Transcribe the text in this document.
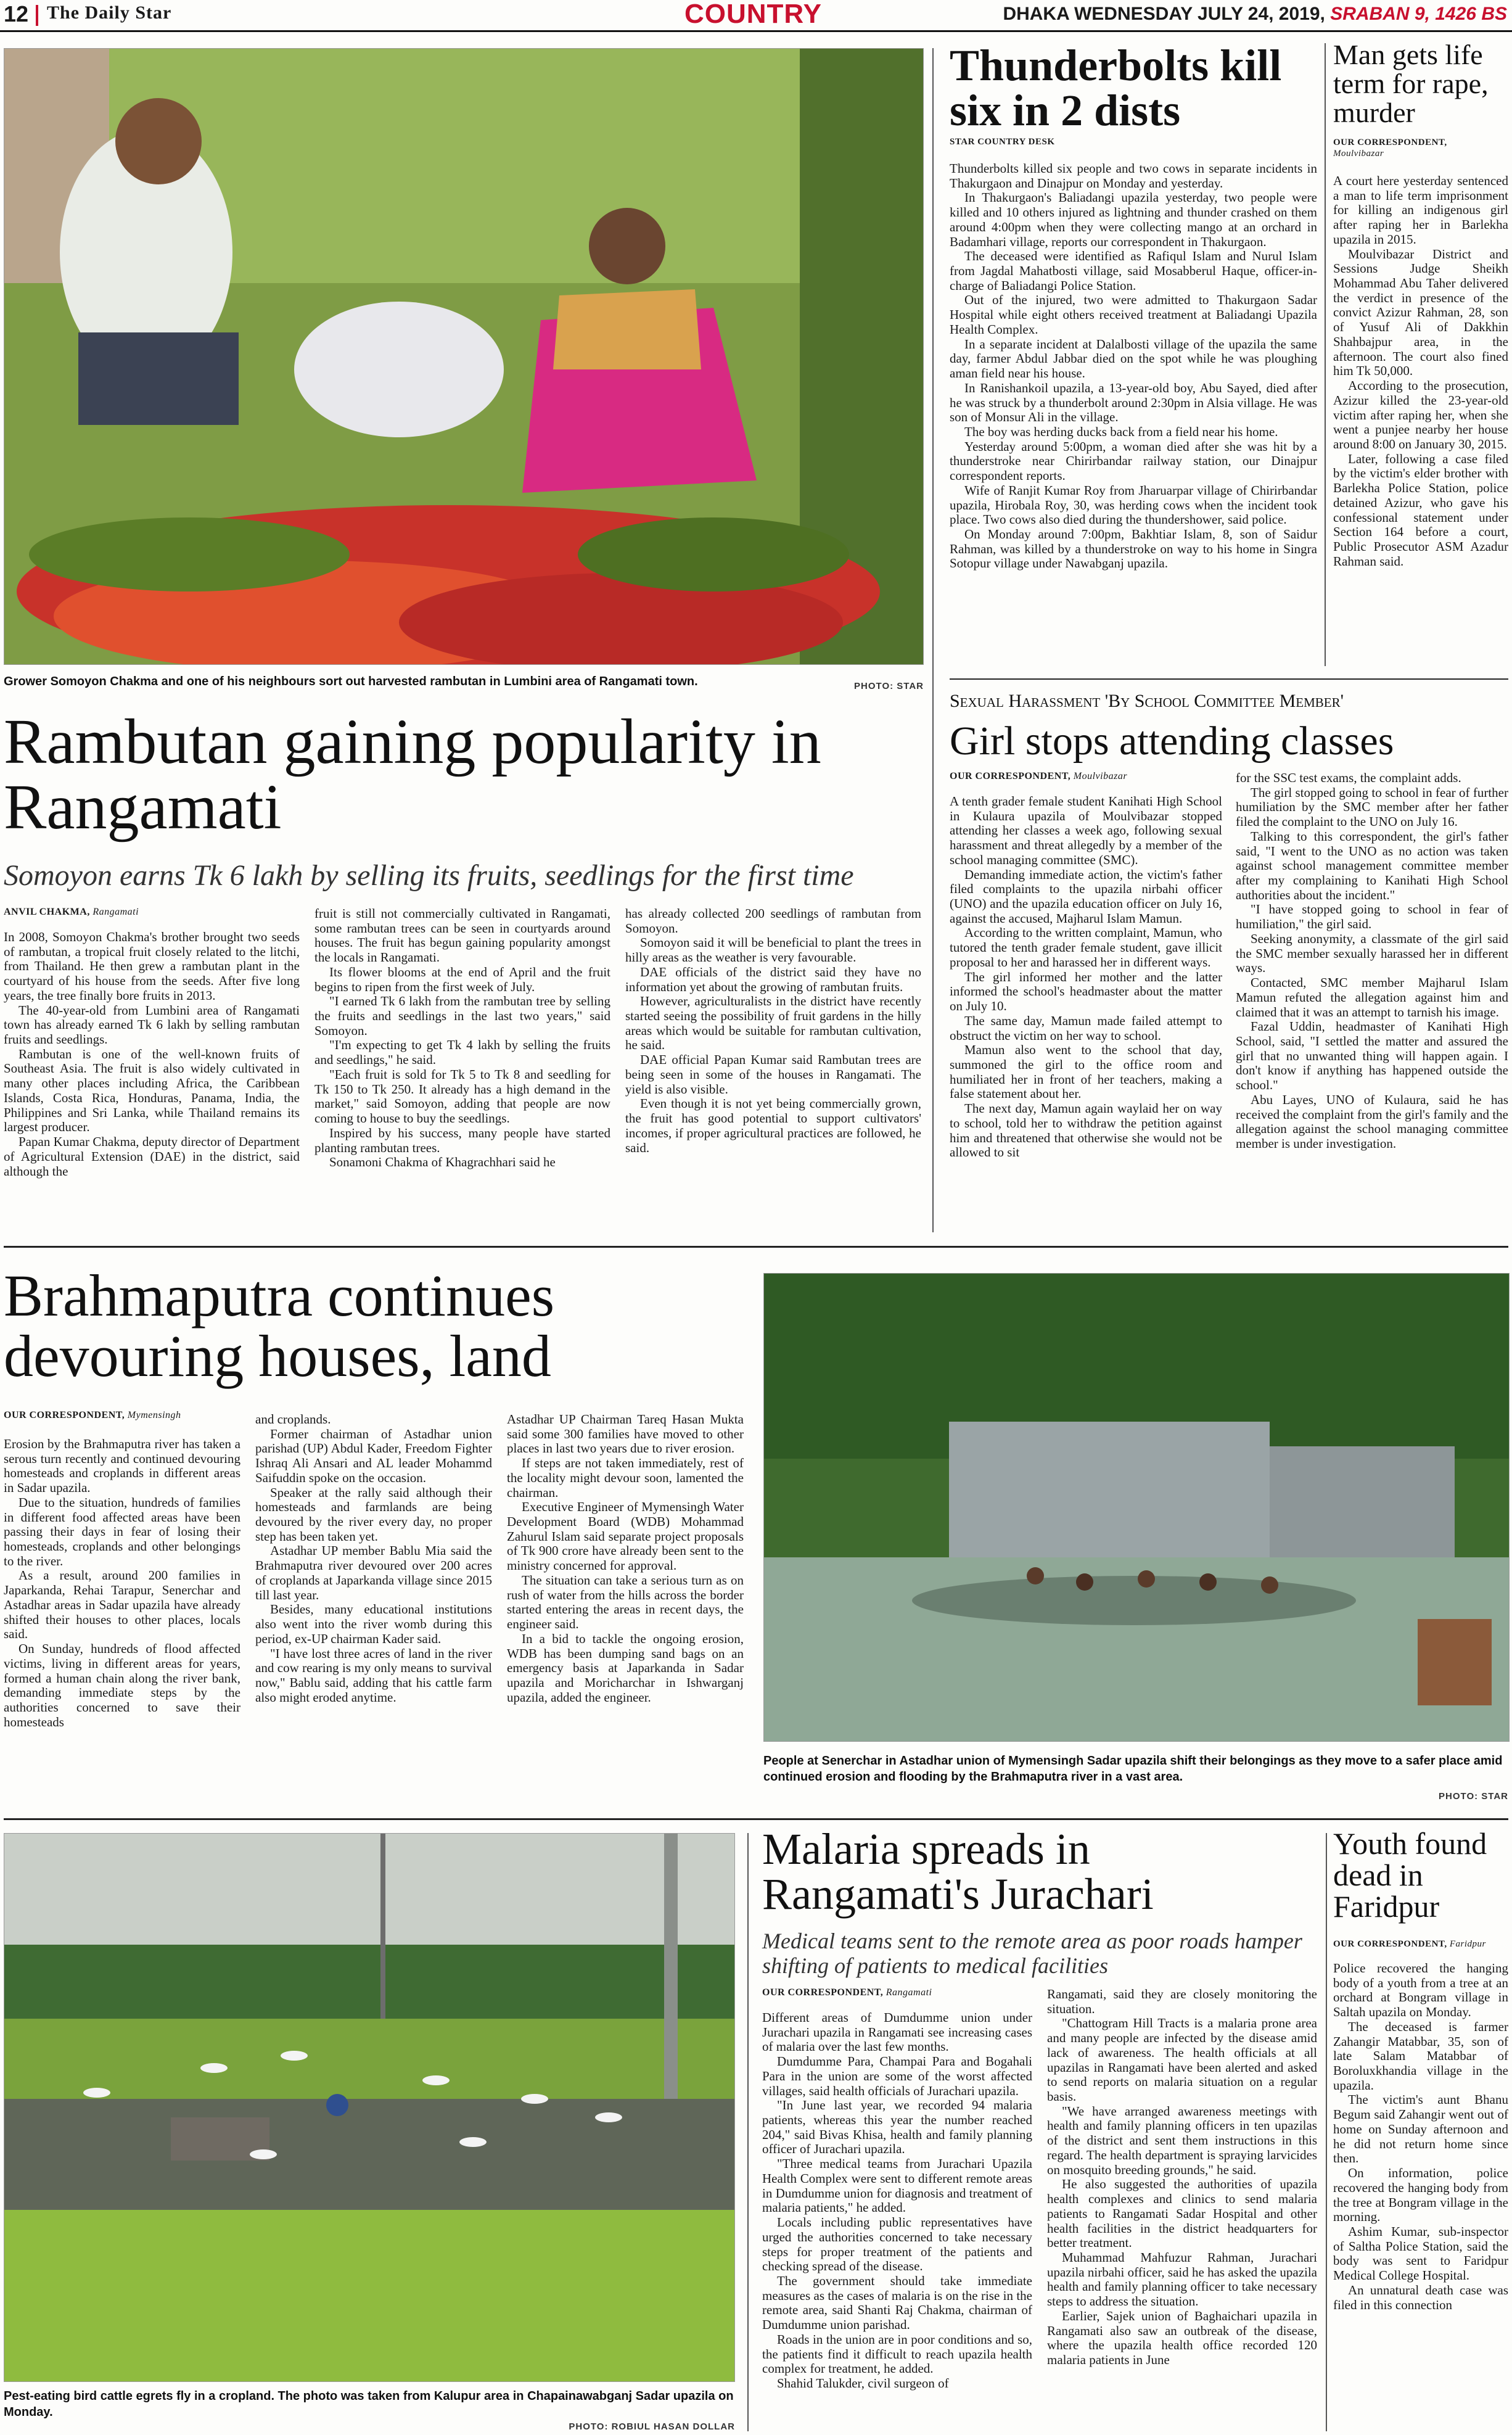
12 The Daily Star	COUNTRY	DHAKA WEDNESDAY JULY 24, 2019, SRABAN 9, 1426 BS
Grower Somoyon Chakma and one of his neighbours sort out harvested rambutan in Lumbini area of Rangamati town.	PHOTO: STAR
Rambutan gaining popularity in Rangamati
Somoyon earns Tk 6 lakh by selling its fruits, seedlings for the first time
ANVIL CHAKMA, Rangamati

In 2008, Somoyon Chakma's brother brought two seeds of rambutan, a tropical fruit closely related to the litchi, from Thailand. He then grew a rambutan plant in the courtyard of his house from the seeds. After five long years, the tree finally bore fruits in 2013.

The 40-year-old from Lumbini area of Rangamati town has already earned Tk 6 lakh by selling rambutan fruits and seedlings.

Rambutan is one of the well-known fruits of Southeast Asia. The fruit is also widely cultivated in many other places including Africa, the Caribbean Islands, Costa Rica, Honduras, Panama, India, the Philippines and Sri Lanka, while Thailand remains its largest producer.

Papan Kumar Chakma, deputy director of Department of Agricultural Extension (DAE) in the district, said although the

fruit is still not commercially cultivated in Rangamati, some rambutan trees can be seen in courtyards around houses. The fruit has begun gaining popularity amongst the locals in Rangamati.

Its flower blooms at the end of April and the fruit begins to ripen from the first week of July.

"I earned Tk 6 lakh from the rambutan tree by selling the fruits and seedlings in the last two years," said Somoyon.

"I'm expecting to get Tk 4 lakh by selling the fruits and seedlings," he said.

"Each fruit is sold for Tk 5 to Tk 8 and seedling for Tk 150 to Tk 250. It already has a high demand in the market," said Somoyon, adding that people are now coming to house to buy the seedlings.

Inspired by his success, many people have started planting rambutan trees.

Sonamoni Chakma of Khagrachhari said he

has already collected 200 seedlings of rambutan from Somoyon.

Somoyon said it will be beneficial to plant the trees in hilly areas as the weather is very favourable.

DAE officials of the district said they have no information yet about the growing of rambutan fruits.

However, agriculturalists in the district have recently started seeing the possibility of fruit gardens in the hilly areas which would be suitable for rambutan cultivation, he said.

DAE official Papan Kumar said Rambutan trees are being seen in some of the houses in Rangamati. The yield is also visible.

Even though it is not yet being commercially grown, the fruit has good potential to support cultivators' incomes, if proper agricultural practices are followed, he said.

Thunderbolts kill six in 2 dists
STAR COUNTRY DESK

Thunderbolts killed six people and two cows in separate incidents in Thakurgaon and Dinajpur on Monday and yesterday.

In Thakurgaon's Baliadangi upazila yesterday, two people were killed and 10 others injured as lightning and thunder crashed on them around 4:00pm when they were collecting mango at an orchard in Badamhari village, reports our correspondent in Thakurgaon.

The deceased were identified as Rafiqul Islam and Nurul Islam from Jagdal Mahatbosti village, said Mosabberul Haque, officer-in-charge of Baliadangi Police Station.

Out of the injured, two were admitted to Thakurgaon Sadar Hospital while eight others received treatment at Baliadangi Upazila Health Complex.

In a separate incident at Dalalbosti village of the upazila the same day, farmer Abdul Jabbar died on the spot while he was ploughing aman field near his house.

In Ranishankoil upazila, a 13-year-old boy, Abu Sayed, died after he was struck by a thunderbolt around 2:30pm in Alsia village. He was son of Monsur Ali in the village.

The boy was herding ducks back from a field near his home.

Yesterday around 5:00pm, a woman died after she was hit by a thunderstroke near Chirirbandar railway station, our Dinajpur correspondent reports.

Wife of Ranjit Kumar Roy from Jharuarpar village of Chirirbandar upazila, Hirobala Roy, 30, was herding cows when the incident took place. Two cows also died during the thundershower, said police.

On Monday around 7:00pm, Bakhtiar Islam, 8, son of Saidur Rahman, was killed by a thunderstroke on way to his home in Singra Sotopur village under Nawabganj upazila.

Man gets life term for rape, murder
OUR CORRESPONDENT,
Moulvibazar

A court here yesterday sentenced a man to life term imprisonment for killing an indigenous girl after raping her in Barlekha upazila in 2015.

Moulvibazar District and Sessions Judge Sheikh Mohammad Abu Taher delivered the verdict in presence of the convict Azizur Rahman, 28, son of Yusuf Ali of Dakkhin Shahbajpur area, in the afternoon. The court also fined him Tk 50,000.

According to the prosecution, Azizur killed the 23-year-old victim after raping her, when she went a punjee nearby her house around 8:00 on January 30, 2015.

Later, following a case filed by the victim's elder brother with Barlekha Police Station, police detained Azizur, who gave his confessional statement under Section 164 before a court, Public Prosecutor ASM Azadur Rahman said.

Sexual Harassment 'By School Committee Member'
Girl stops attending classes
OUR CORRESPONDENT, Moulvibazar

A tenth grader female student Kanihati High School in Kulaura upazila of Moulvibazar stopped attending her classes a week ago, following sexual harassment and threat allegedly by a member of the school managing committee (SMC).

Demanding immediate action, the victim's father filed complaints to the upazila nirbahi officer (UNO) and the upazila education officer on July 16, against the accused, Majharul Islam Mamun.

According to the written complaint, Mamun, who tutored the tenth grader female student, gave illicit proposal to her and harassed her in different ways.

The girl informed her mother and the latter informed the school's headmaster about the matter on July 10.

The same day, Mamun made failed attempt to obstruct the victim on her way to school.

Mamun also went to the school that day, summoned the girl to the office room and humiliated her in front of her teachers, making a false statement about her.

The next day, Mamun again waylaid her on way to school, told her to withdraw the petition against him and threatened that otherwise she would not be allowed to sit

for the SSC test exams, the complaint adds.

The girl stopped going to school in fear of further humiliation by the SMC member after her father filed the complaint to the UNO on July 16.

Talking to this correspondent, the girl's father said, "I went to the UNO as no action was taken against school management committee member after my complaining to Kanihati High School authorities about the incident."

"I have stopped going to school in fear of humiliation," the girl said.

Seeking anonymity, a classmate of the girl said the SMC member sexually harassed her in different ways.

Contacted, SMC member Majharul Islam Mamun refuted the allegation against him and claimed that it was an attempt to tarnish his image.

Fazal Uddin, headmaster of Kanihati High School, said, "I settled the matter and assured the girl that no unwanted thing will happen again. I don't know if anything has happened outside the school."

Abu Layes, UNO of Kulaura, said he has received the complaint from the girl's family and the allegation against the school managing committee member is under investigation.

Brahmaputra continues devouring houses, land
OUR CORRESPONDENT, Mymensingh

Erosion by the Brahmaputra river has taken a serous turn recently and continued devouring homesteads and croplands in different areas in Sadar upazila.

Due to the situation, hundreds of families in different food affected areas have been passing their days in fear of losing their homesteads, croplands and other belongings to the river.

As a result, around 200 families in Japarkanda, Rehai Tarapur, Senerchar and Astadhar areas in Sadar upazila have already shifted their houses to other places, locals said.

On Sunday, hundreds of flood affected victims, living in different areas for years, formed a human chain along the river bank, demanding immediate steps by the authorities concerned to save their homesteads

and croplands.

Former chairman of Astadhar union parishad (UP) Abdul Kader, Freedom Fighter Ishraq Ali Ansari and AL leader Mohammd Saifuddin spoke on the occasion.

Speaker at the rally said although their homesteads and farmlands are being devoured by the river every day, no proper step has been taken yet.

Astadhar UP member Bablu Mia said the Brahmaputra river devoured over 200 acres of croplands at Japarkanda village since 2015 till last year.

Besides, many educational institutions also went into the river womb during this period, ex-UP chairman Kader said.

"I have lost three acres of land in the river and cow rearing is my only means to survival now," Bablu said, adding that his cattle farm also might eroded anytime.

Astadhar UP Chairman Tareq Hasan Mukta said some 300 families have moved to other places in last two years due to river erosion.

If steps are not taken immediately, rest of the locality might devour soon, lamented the chairman.

Executive Engineer of Mymensingh Water Development Board (WDB) Mohammad Zahurul Islam said separate project proposals of Tk 900 crore have already been sent to the ministry concerned for approval.

The situation can take a serious turn as on rush of water from the hills across the border started entering the areas in recent days, the engineer said.

In a bid to tackle the ongoing erosion, WDB has been dumping sand bags on an emergency basis at Japarkanda in Sadar upazila and Moricharchar in Ishwarganj upazila, added the engineer.

People at Senerchar in Astadhar union of Mymensingh Sadar upazila shift their belongings as they move to a safer place amid continued erosion and flooding by the Brahmaputra river in a vast area.
PHOTO: STAR
Pest-eating bird cattle egrets fly in a cropland. The photo was taken from Kalupur area in Chapainawabganj Sadar upazila on Monday.
PHOTO: ROBIUL HASAN DOLLAR
Malaria spreads in Rangamati's Jurachari
Medical teams sent to the remote area as poor roads hamper shifting of patients to medical facilities
OUR CORRESPONDENT, Rangamati

Different areas of Dumdumme union under Jurachari upazila in Rangamati see increasing cases of malaria over the last few months.

Dumdumme Para, Champai Para and Bogahali Para in the union are some of the worst affected villages, said health officials of Jurachari upazila.

"In June last year, we recorded 94 malaria patients, whereas this year the number reached 204," said Bivas Khisa, health and family planning officer of Jurachari upazila.

"Three medical teams from Jurachari Upazila Health Complex were sent to different remote areas in Dumdumme union for diagnosis and treatment of malaria patients," he added.

Locals including public representatives have urged the authorities concerned to take necessary steps for proper treatment of the patients and checking spread of the disease.

The government should take immediate measures as the cases of malaria is on the rise in the remote area, said Shanti Raj Chakma, chairman of Dumdumme union parishad.

Roads in the union are in poor conditions and so, the patients find it difficult to reach upazila health complex for treatment, he added.

Shahid Talukder, civil surgeon of

Rangamati, said they are closely monitoring the situation.

"Chattogram Hill Tracts is a malaria prone area and many people are infected by the disease amid lack of awareness. The health officials at all upazilas in Rangamati have been alerted and asked to send reports on malaria situation on a regular basis.

"We have arranged awareness meetings with health and family planning officers in ten upazilas of the district and sent them instructions in this regard. The health department is spraying larvicides on mosquito breeding grounds," he said.

He also suggested the authorities of upazila health complexes and clinics to send malaria patients to Rangamati Sadar Hospital and other health facilities in the district headquarters for better treatment.

Muhammad Mahfuzur Rahman, Jurachari upazila nirbahi officer, said he has asked the upazila health and family planning officer to take necessary steps to address the situation.

Earlier, Sajek union of Baghaichari upazila in Rangamati also saw an outbreak of the disease, where the upazila health office recorded 120 malaria patients in June

Youth found dead in Faridpur
OUR CORRESPONDENT, Faridpur

Police recovered the hanging body of a youth from a tree at an orchard at Bongram village in Saltah upazila on Monday.

The deceased is farmer Zahangir Matabbar, 35, son of late Salam Matabbar of Boroluxkhandia village in the upazila.

The victim's aunt Bhanu Begum said Zahangir went out of home on Sunday afternoon and he did not return home since then.

On information, police recovered the hanging body from the tree at Bongram village in the morning.

Ashim Kumar, sub-inspector of Saltha Police Station, said the body was sent to Faridpur Medical College Hospital.

An unnatural death case was filed in this connection
